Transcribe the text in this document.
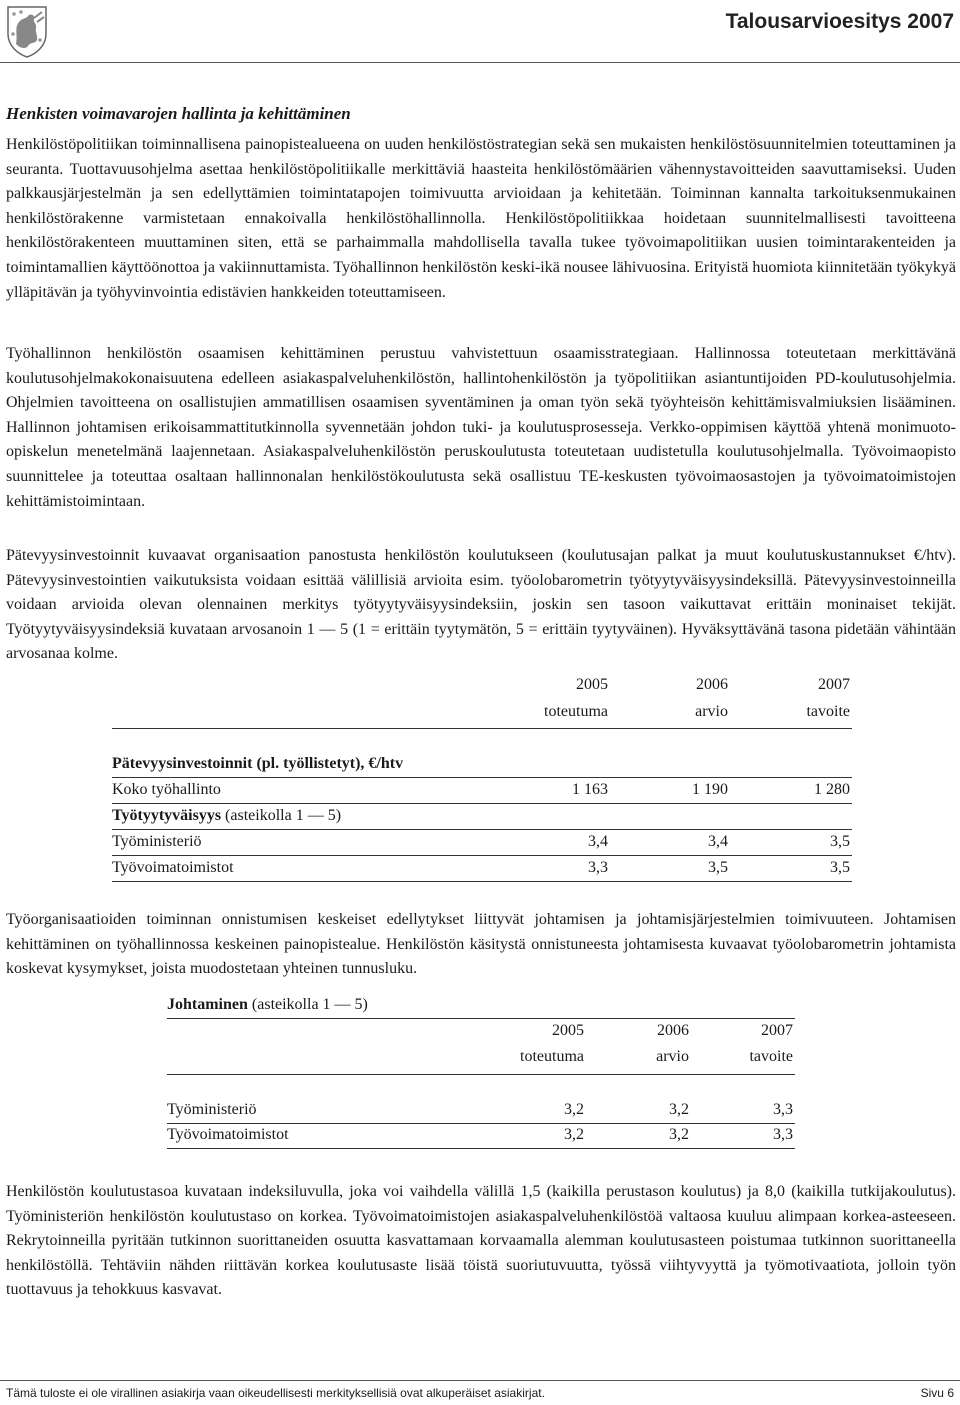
Talousarvioesitys 2007
Henkisten voimavarojen hallinta ja kehittäminen

Henkilöstöpolitiikan toiminnallisena painopistealueena on uuden henkilöstöstrategian sekä sen mukaisten henkilöstösuunnitelmien toteuttaminen ja seuranta. Tuottavuusohjelma asettaa henkilöstöpolitiikalle merkittäviä haasteita henkilöstömäärien vähennystavoitteiden saavuttamiseksi. Uuden palkkausjärjestelmän ja sen edellyttämien toimintatapojen toimivuutta arvioidaan ja kehitetään. Toiminnan kannalta tarkoituksenmukainen henkilöstörakenne varmistetaan ennakoivalla henkilöstöhallinnolla. Henkilöstöpolitiikkaa hoidetaan suunnitelmallisesti tavoitteena henkilöstörakenteen muuttaminen siten, että se parhaimmalla mahdollisella tavalla tukee työvoimapolitiikan uusien toimintarakenteiden ja toimintamallien käyttöönottoa ja vakiinnuttamista. Työhallinnon henkilöstön keski-ikä nousee lähivuosina. Erityistä huomiota kiinnitetään työkykyä ylläpitävän ja työhyvinvointia edistävien hankkeiden toteuttamiseen.

Työhallinnon henkilöstön osaamisen kehittäminen perustuu vahvistettuun osaamisstrategiaan. Hallinnossa toteutetaan merkittävänä koulutusohjelmakokonaisuutena edelleen asiakaspalveluhenkilöstön, hallintohenkilöstön ja työpolitiikan asiantuntijoiden PD-koulutusohjelmia. Ohjelmien tavoitteena on osallistujien ammatillisen osaamisen syventäminen ja oman työn sekä työyhteisön kehittämisvalmiuksien lisääminen. Hallinnon johtamisen erikoisammattitutkinnolla syvennetään johdon tuki- ja koulutusprosesseja. Verkko-oppimisen käyttöä yhtenä monimuoto-opiskelun menetelmänä laajennetaan. Asiakaspalveluhenkilöstön peruskoulutusta toteutetaan uudistetulla koulutusohjelmalla. Työvoimaopisto suunnittelee ja toteuttaa osaltaan hallinnonalan henkilöstökoulutusta sekä osallistuu TE-keskusten työvoimaosastojen ja työvoimatoimistojen kehittämistoimintaan.

Pätevyysinvestoinnit kuvaavat organisaation panostusta henkilöstön koulutukseen (koulutusajan palkat ja muut koulutuskustannukset €/htv). Pätevyysinvestointien vaikutuksista voidaan esittää välillisiä arvioita esim. työolobarometrin työtyytyväisyysindeksillä. Pätevyysinvestoinneilla voidaan arvioida olevan olennainen merkitys työtyytyväisyysindeksiin, joskin sen tasoon vaikuttavat erittäin moninaiset tekijät. Työtyytyväisyysindeksiä kuvataan arvosanoin 1 — 5 (1 = erittäin tyytymätön, 5 = erittäin tyytyväinen). Hyväksyttävänä tasona pidetään vähintään arvosanaa kolme.

2005	2006	2007
toteutuma	arvio	tavoite
Pätevyysinvestoinnit (pl. työllistetyt), €/htv
Koko työhallinto	1 163	1 190	1 280
Työtyytyväisyys (asteikolla 1 — 5)
Työministeriö	3,4	3,4	3,5
Työvoimatoimistot	3,3	3,5	3,5

Työorganisaatioiden toiminnan onnistumisen keskeiset edellytykset liittyvät johtamisen ja johtamisjärjestelmien toimivuuteen. Johtamisen kehittäminen on työhallinnossa keskeinen painopistealue. Henkilöstön käsitystä onnistuneesta johtamisesta kuvaavat työolobarometrin johtamista koskevat kysymykset, joista muodostetaan yhteinen tunnusluku.

Johtaminen (asteikolla 1 — 5)
2005	2006	2007
toteutuma	arvio	tavoite
Työministeriö	3,2	3,2	3,3
Työvoimatoimistot	3,2	3,2	3,3

Henkilöstön koulutustasoa kuvataan indeksiluvulla, joka voi vaihdella välillä 1,5 (kaikilla perustason koulutus) ja 8,0 (kaikilla tutkijakoulutus). Työministeriön henkilöstön koulutustaso on korkea. Työvoimatoimistojen asiakaspalveluhenkilöstöä valtaosa kuuluu alimpaan korkea-asteeseen. Rekrytoinneilla pyritään tutkinnon suorittaneiden osuutta kasvattamaan korvaamalla alemman koulutusasteen poistumaa tutkinnon suorittaneella henkilöstöllä. Tehtäviin nähden riittävän korkea koulutusaste lisää töistä suoriutuvuutta, työssä viihtyvyyttä ja työmotivaatiota, jolloin työn tuottavuus ja tehokkuus kasvavat.

Tämä tuloste ei ole virallinen asiakirja vaan oikeudellisesti merkityksellisiä ovat alkuperäiset asiakirjat.	Sivu 6
